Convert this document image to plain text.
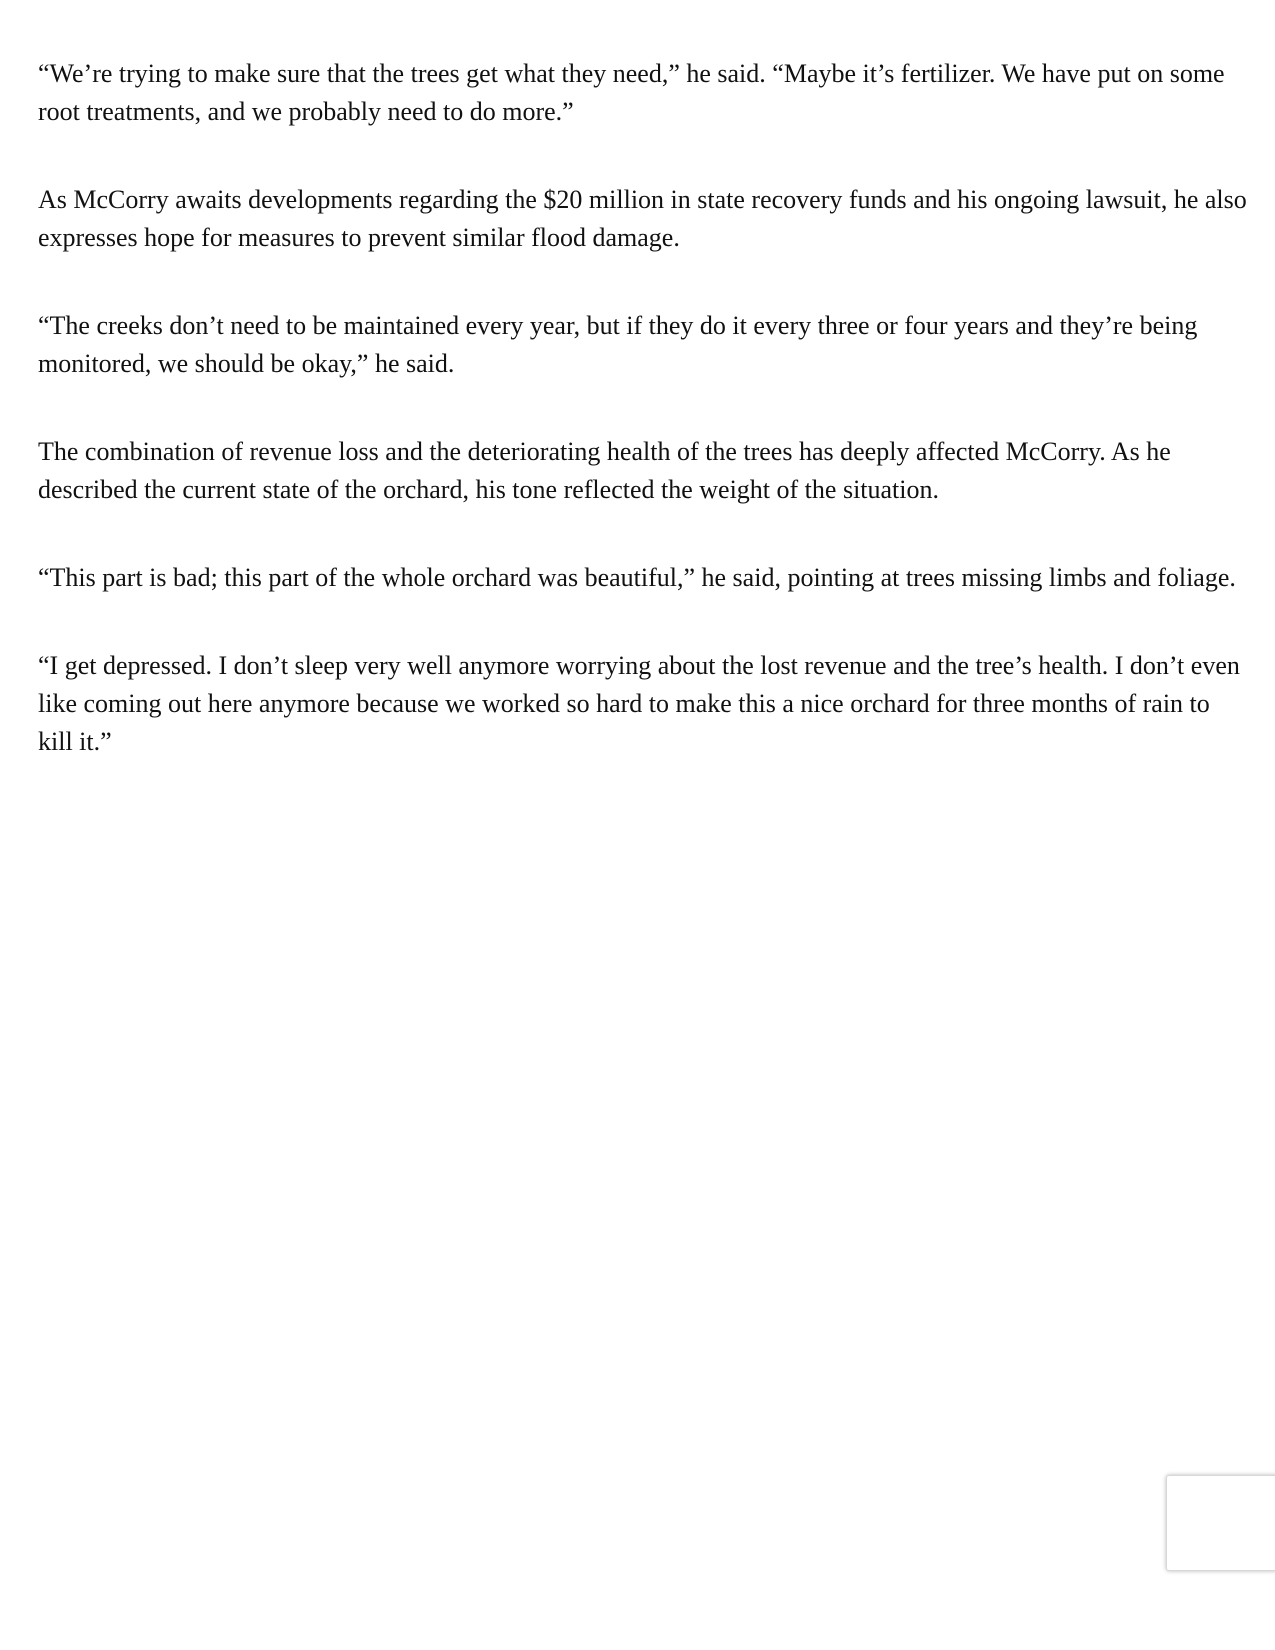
“We’re trying to make sure that the trees get what they need,” he said. “Maybe it’s fertilizer. We have put on some root treatments, and we probably need to do more.”

As McCorry awaits developments regarding the $20 million in state recovery funds and his ongoing lawsuit, he also expresses hope for measures to prevent similar flood damage.

“The creeks don’t need to be maintained every year, but if they do it every three or four years and they’re being monitored, we should be okay,” he said.

The combination of revenue loss and the deteriorating health of the trees has deeply affected McCorry. As he described the current state of the orchard, his tone reflected the weight of the situation.

“This part is bad; this part of the whole orchard was beautiful,” he said, pointing at trees missing limbs and foliage.

“I get depressed. I don’t sleep very well anymore worrying about the lost revenue and the tree’s health. I don’t even like coming out here anymore because we worked so hard to make this a nice orchard for three months of rain to kill it.”
